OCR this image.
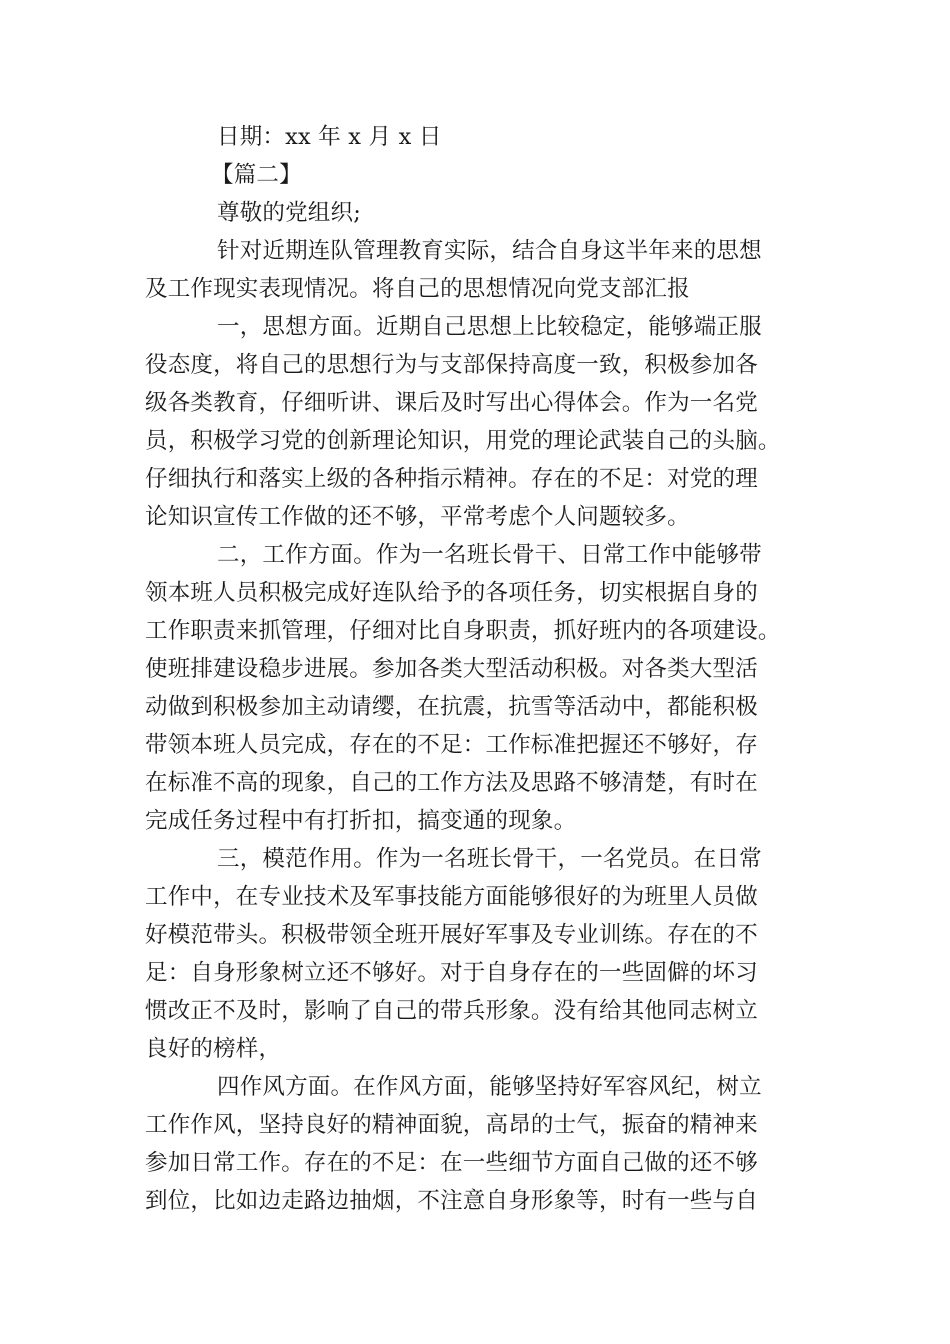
日期：xx 年 x 月 x 日
【篇二】
尊敬的党组织;
针对近期连队管理教育实际，结合自身这半年来的思想
及工作现实表现情况。将自己的思想情况向党支部汇报
一，思想方面。近期自己思想上比较稳定，能够端正服
役态度，将自己的思想行为与支部保持高度一致，积极参加各
级各类教育，仔细听讲、课后及时写出心得体会。作为一名党
员，积极学习党的创新理论知识，用党的理论武装自己的头脑。
仔细执行和落实上级的各种指示精神。存在的不足：对党的理
论知识宣传工作做的还不够，平常考虑个人问题较多。
二，工作方面。作为一名班长骨干、日常工作中能够带
领本班人员积极完成好连队给予的各项任务，切实根据自身的
工作职责来抓管理，仔细对比自身职责，抓好班内的各项建设。
使班排建设稳步进展。参加各类大型活动积极。对各类大型活
动做到积极参加主动请缨，在抗震，抗雪等活动中，都能积极
带领本班人员完成，存在的不足：工作标准把握还不够好，存
在标准不高的现象，自己的工作方法及思路不够清楚，有时在
完成任务过程中有打折扣，搞变通的现象。
三，模范作用。作为一名班长骨干，一名党员。在日常
工作中，在专业技术及军事技能方面能够很好的为班里人员做
好模范带头。积极带领全班开展好军事及专业训练。存在的不
足：自身形象树立还不够好。对于自身存在的一些固僻的坏习
惯改正不及时，影响了自己的带兵形象。没有给其他同志树立
良好的榜样，
四作风方面。在作风方面，能够坚持好军容风纪，树立
工作作风，坚持良好的精神面貌，高昂的士气，振奋的精神来
参加日常工作。存在的不足：在一些细节方面自己做的还不够
到位，比如边走路边抽烟，不注意自身形象等，时有一些与自
